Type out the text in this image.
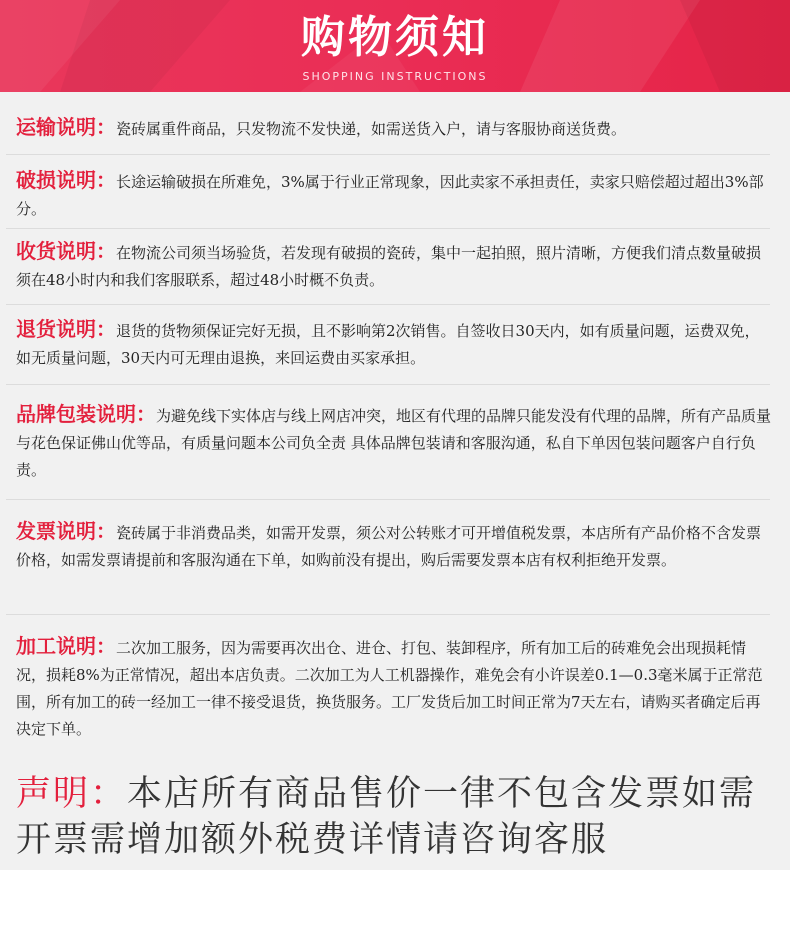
购物须知
SHOPPING INSTRUCTIONS
运输说明：瓷砖属重件商品，只发物流不发快递，如需送货入户，请与客服协商送货费。
破损说明：长途运输破损在所难免，3%属于行业正常现象，因此卖家不承担责任，卖家只赔偿超过超出3%部分。
收货说明：在物流公司须当场验货，若发现有破损的瓷砖，集中一起拍照，照片清晰，方便我们清点数量破损须在48小时内和我们客服联系，超过48小时概不负责。
退货说明：退货的货物须保证完好无损，且不影响第2次销售。自签收日30天内，如有质量问题，运费双免，如无质量问题，30天内可无理由退换，来回运费由买家承担。
品牌包装说明：为避免线下实体店与线上网店冲突，地区有代理的品牌只能发没有代理的品牌，所有产品质量与花色保证佛山优等品，有质量问题本公司负全责 具体品牌包装请和客服沟通，私自下单因包装问题客户自行负责。
发票说明：瓷砖属于非消费品类，如需开发票，须公对公转账才可开增值税发票，本店所有产品价格不含发票价格，如需发票请提前和客服沟通在下单，如购前没有提出，购后需要发票本店有权利拒绝开发票。
加工说明：二次加工服务，因为需要再次出仓、进仓、打包、装卸程序，所有加工后的砖难免会出现损耗情况，损耗8%为正常情况，超出本店负责。二次加工为人工机器操作，难免会有小许误差0.1—0.3毫米属于正常范围，所有加工的砖一经加工一律不接受退货，换货服务。工厂发货后加工时间正常为7天左右，请购买者确定后再决定下单。
声明：本店所有商品售价一律不包含发票如需开票需增加额外税费详情请咨询客服
